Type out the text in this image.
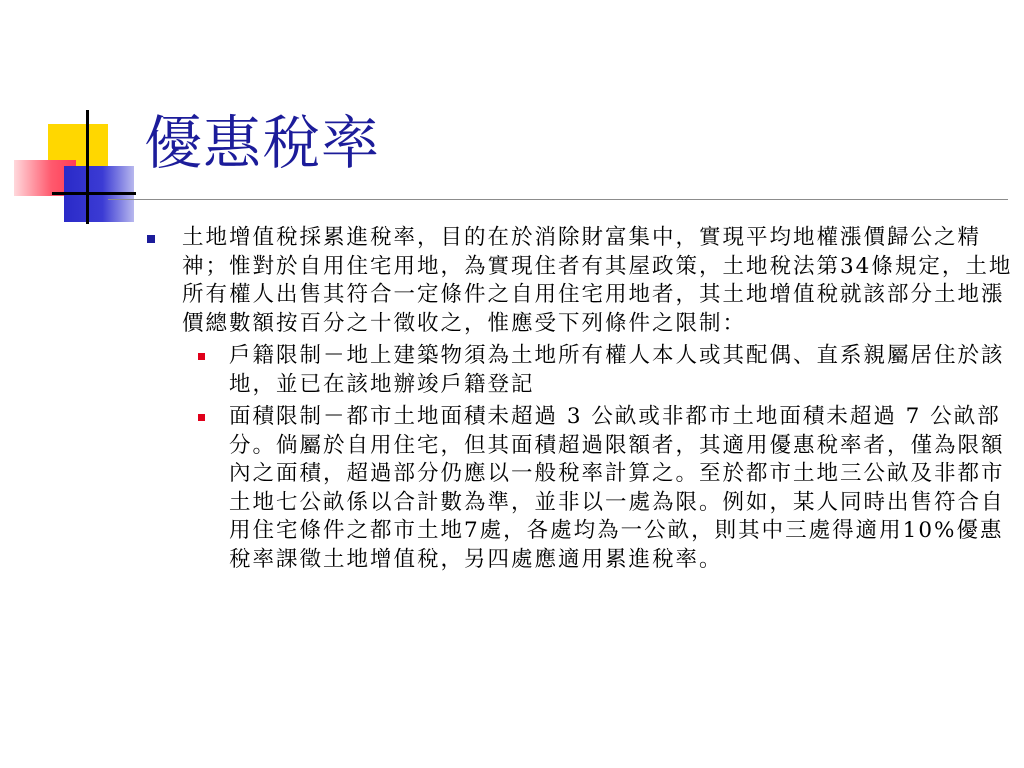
優惠稅率
土地增值稅採累進稅率，目的在於消除財富集中，實現平均地權漲價歸公之精神；惟對於自用住宅用地，為實現住者有其屋政策，土地稅法第34條規定，土地所有權人出售其符合一定條件之自用住宅用地者，其土地增值稅就該部分土地漲價總數額按百分之十徵收之，惟應受下列條件之限制：
戶籍限制－地上建築物須為土地所有權人本人或其配偶、直系親屬居住於該地，並已在該地辦竣戶籍登記
面積限制－都市土地面積未超過 3 公畝或非都市土地面積未超過 7 公畝部分。倘屬於自用住宅，但其面積超過限額者，其適用優惠稅率者，僅為限額內之面積，超過部分仍應以一般稅率計算之。至於都市土地三公畝及非都市土地七公畝係以合計數為準，並非以一處為限。例如，某人同時出售符合自用住宅條件之都市土地7處，各處均為一公畝，則其中三處得適用10%優惠稅率課徵土地增值稅，另四處應適用累進稅率。
